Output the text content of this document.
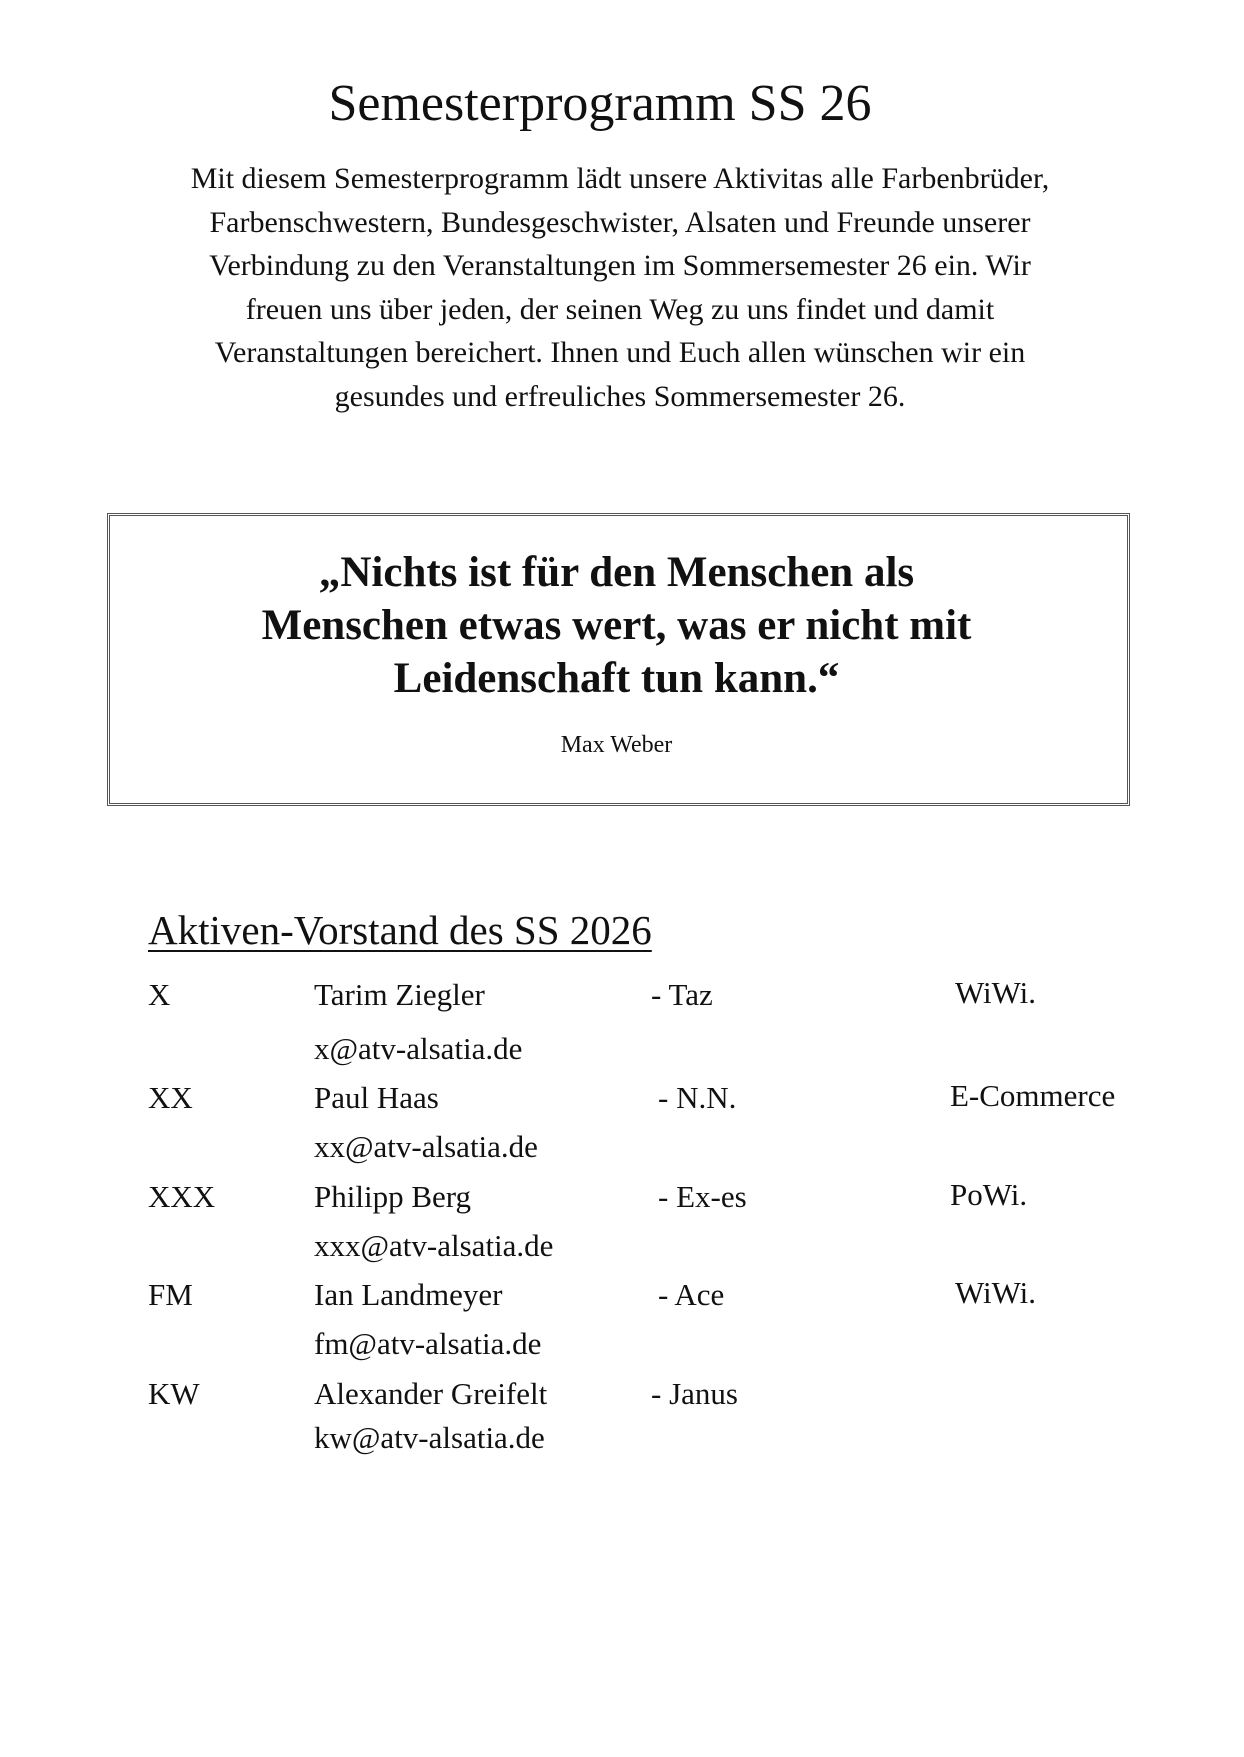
Semesterprogramm SS 26

Mit diesem Semesterprogramm lädt unsere Aktivitas alle Farbenbrüder,
Farbenschwestern, Bundesgeschwister, Alsaten und Freunde unserer
Verbindung zu den Veranstaltungen im Sommersemester 26 ein. Wir
freuen uns über jeden, der seinen Weg zu uns findet und damit
Veranstaltungen bereichert. Ihnen und Euch allen wünschen wir ein
gesundes und erfreuliches Sommersemester 26.

„Nichts ist für den Menschen als
Menschen etwas wert, was er nicht mit
Leidenschaft tun kann.“

Max Weber
Aktiven-Vorstand des SS 2026
X	Tarim Ziegler	- Taz	WiWi.
x@atv-alsatia.de
XX	Paul Haas	- N.N.	E-Commerce
xx@atv-alsatia.de
XXX	Philipp Berg	- Ex-es	PoWi.
xxx@atv-alsatia.de
FM	Ian Landmeyer	- Ace	WiWi.
fm@atv-alsatia.de
KW	Alexander Greifelt	- Janus
kw@atv-alsatia.de
